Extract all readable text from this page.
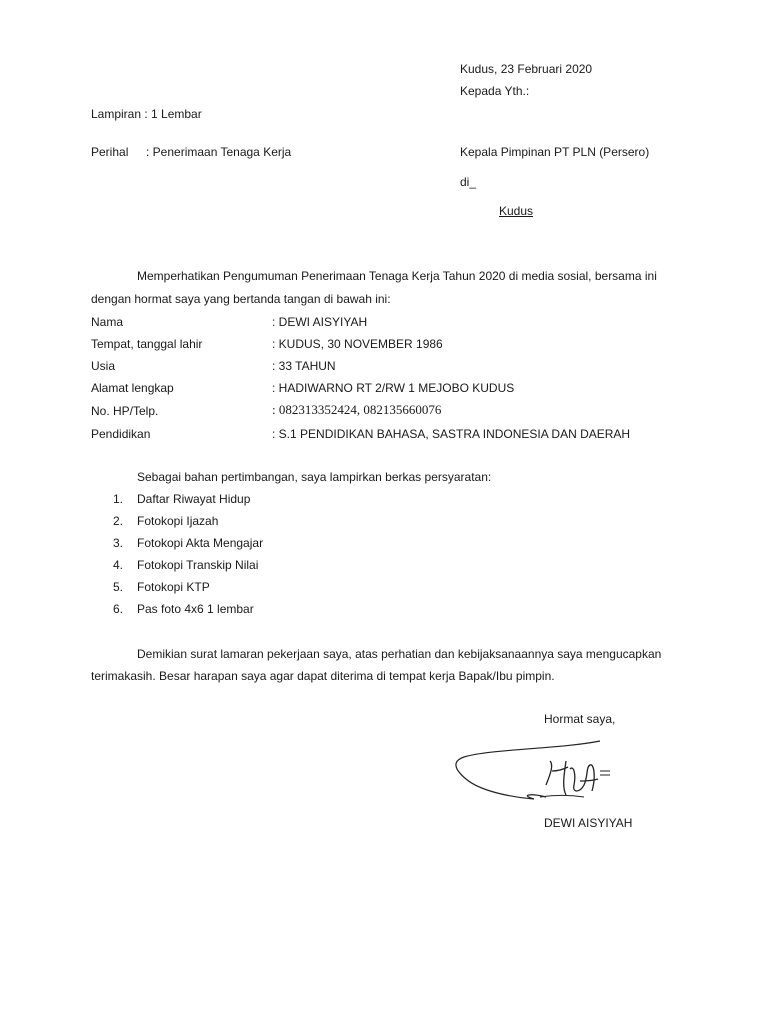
Kudus, 23 Februari 2020
Kepada Yth.:
Lampiran : 1 Lembar
Perihal : Penerimaan Tenaga Kerja	Kepala Pimpinan PT PLN (Persero)
di_
Kudus
Memperhatikan Pengumuman Penerimaan Tenaga Kerja Tahun 2020 di media sosial, bersama ini
dengan hormat saya yang bertanda tangan di bawah ini:
Nama	: DEWI AISYIYAH
Tempat, tanggal lahir	: KUDUS, 30 NOVEMBER 1986
Usia	: 33 TAHUN
Alamat lengkap	: HADIWARNO RT 2/RW 1 MEJOBO KUDUS
No. HP/Telp.	: 082313352424, 082135660076
Pendidikan	: S.1 PENDIDIKAN BAHASA, SASTRA INDONESIA DAN DAERAH
Sebagai bahan pertimbangan, saya lampirkan berkas persyaratan:
1. Daftar Riwayat Hidup
2. Fotokopi Ijazah
3. Fotokopi Akta Mengajar
4. Fotokopi Transkip Nilai
5. Fotokopi KTP
6. Pas foto 4x6 1 lembar
Demikian surat lamaran pekerjaan saya, atas perhatian dan kebijaksanaannya saya mengucapkan
terimakasih. Besar harapan saya agar dapat diterima di tempat kerja Bapak/Ibu pimpin.
Hormat saya,
DEWI AISYIYAH
